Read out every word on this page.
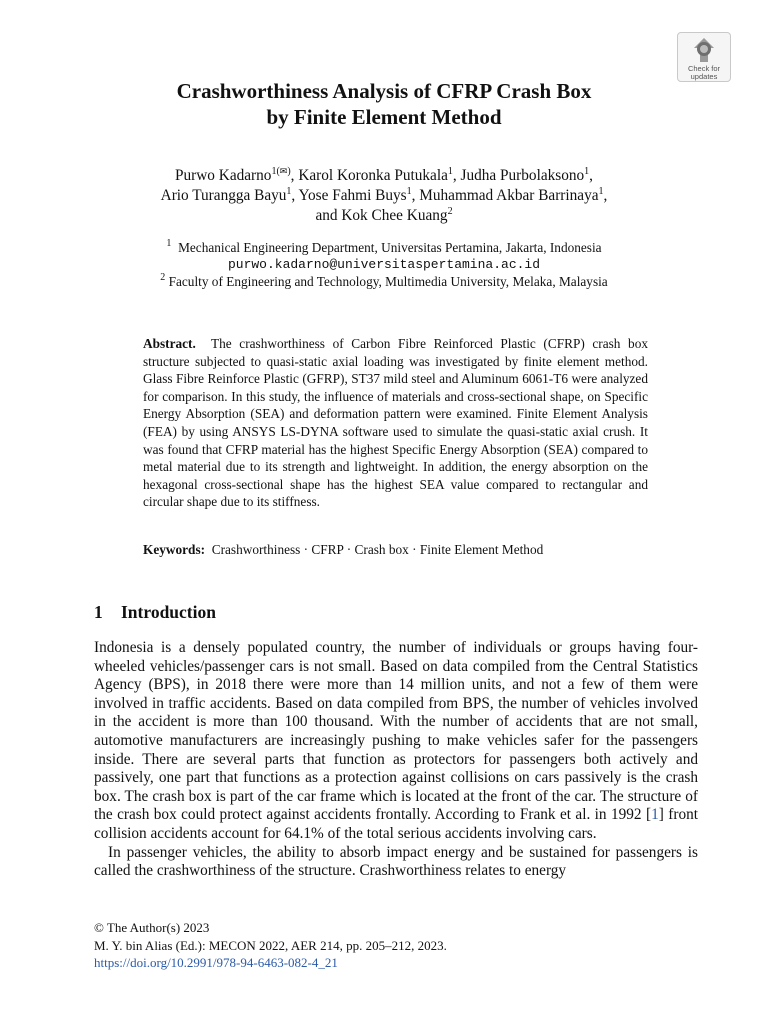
Check for
updates
Crashworthiness Analysis of CFRP Crash Box
by Finite Element Method
Purwo Kadarno$^{1(✉)}$, Karol Koronka Putukala$^1$, Judha Purbolaksono$^1$,
Ario Turangga Bayu$^1$, Yose Fahmi Buys$^1$, Muhammad Akbar Barrinaya$^1$,
and Kok Chee Kuang$^2$
$^1$ Mechanical Engineering Department, Universitas Pertamina, Jakarta, Indonesia
purwo.kadarno@universitaspertamina.ac.id
$^2$ Faculty of Engineering and Technology, Multimedia University, Melaka, Malaysia
Abstract. The crashworthiness of Carbon Fibre Reinforced Plastic (CFRP) crash box structure subjected to quasi-static axial loading was investigated by finite element method. Glass Fibre Reinforce Plastic (GFRP), ST37 mild steel and Aluminum 6061-T6 were analyzed for comparison. In this study, the influence of materials and cross-sectional shape, on Specific Energy Absorption (SEA) and deformation pattern were examined. Finite Element Analysis (FEA) by using ANSYS LS-DYNA software used to simulate the quasi-static axial crush. It was found that CFRP material has the highest Specific Energy Absorption (SEA) compared to metal material due to its strength and lightweight. In addition, the energy absorption on the hexagonal cross-sectional shape has the highest SEA value compared to rectangular and circular shape due to its stiffness.
Keywords: Crashworthiness · CFRP · Crash box · Finite Element Method
1 Introduction

Indonesia is a densely populated country, the number of individuals or groups having four-wheeled vehicles/passenger cars is not small. Based on data compiled from the Central Statistics Agency (BPS), in 2018 there were more than 14 million units, and not a few of them were involved in traffic accidents. Based on data compiled from BPS, the number of vehicles involved in the accident is more than 100 thousand. With the number of accidents that are not small, automotive manufacturers are increasingly pushing to make vehicles safer for the passengers inside. There are several parts that function as protectors for passengers both actively and passively, one part that functions as a protection against collisions on cars passively is the crash box. The crash box is part of the car frame which is located at the front of the car. The structure of the crash box could protect against accidents frontally. According to Frank et al. in 1992 [1] front collision accidents account for 64.1% of the total serious accidents involving cars.

In passenger vehicles, the ability to absorb impact energy and be sustained for passengers is called the crashworthiness of the structure. Crashworthiness relates to energy

© The Author(s) 2023
M. Y. bin Alias (Ed.): MECON 2022, AER 214, pp. 205–212, 2023.
https://doi.org/10.2991/978-94-6463-082-4_21
